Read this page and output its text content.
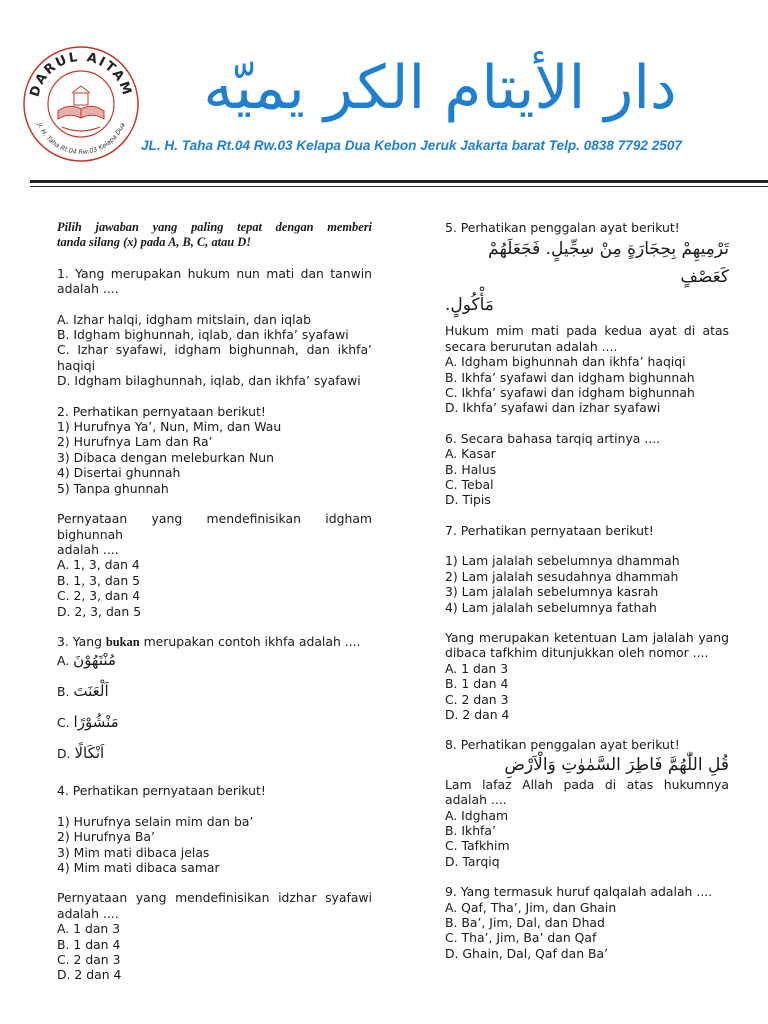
DARUL AITAM
Jl. H. Taha Rt.04 Rw.03 Kelapa Dua
دار الأيتام الكر يميّه
JL. H. Taha Rt.04 Rw.03 Kelapa Dua Kebon Jeruk Jakarta barat Telp. 0838 7792 2507
Pilih jawaban yang paling tepat dengan memberi
tanda silang (x) pada A, B, C, atau D!
1. Yang merupakan hukum nun mati dan tanwin
adalah ....
A. Izhar halqi, idgham mitslain, dan iqlab
B. Idgham bighunnah, iqlab, dan ikhfa’ syafawi
C. Izhar syafawi, idgham bighunnah, dan ikhfa’
haqiqi
D. Idgham bilaghunnah, iqlab, dan ikhfa’ syafawi
2. Perhatikan pernyataan berikut!
1) Hurufnya Ya’, Nun, Mim, dan Wau
2) Hurufnya Lam dan Ra’
3) Dibaca dengan meleburkan Nun
4) Disertai ghunnah
5) Tanpa ghunnah
Pernyataan yang mendefinisikan idgham bighunnah
adalah ....
A. 1, 3, dan 4
B. 1, 3, dan 5
C. 2, 3, dan 4
D. 2, 3, dan 5
3. Yang bukan merupakan contoh ikhfa adalah ....
A. مُنْتَهُوْنَ
B. اَلْعَنَتَ
C. مَنْشُوْرًا
D. اَنْكَالًا
4. Perhatikan pernyataan berikut!
1) Hurufnya selain mim dan ba’
2) Hurufnya Ba’
3) Mim mati dibaca jelas
4) Mim mati dibaca samar
Pernyataan yang mendefinisikan idzhar syafawi
adalah ....
A. 1 dan 3
B. 1 dan 4
C. 2 dan 3
D. 2 dan 4
5. Perhatikan penggalan ayat berikut!
تَرْمِيهِمْ بِحِجَارَةٍ مِنْ سِجِّيلٍ. فَجَعَلَهُمْ كَعَصْفٍ
مَأْكُولٍ.
Hukum mim mati pada kedua ayat di atas
secara berurutan adalah ....
A. Idgham bighunnah dan ikhfa’ haqiqi
B. Ikhfa’ syafawi dan idgham bighunnah
C. Ikhfa’ syafawi dan idgham bighunnah
D. Ikhfa’ syafawi dan izhar syafawi
6. Secara bahasa tarqiq artinya ....
A. Kasar
B. Halus
C. Tebal
D. Tipis
7. Perhatikan pernyataan berikut!
1) Lam jalalah sebelumnya dhammah
2) Lam jalalah sesudahnya dhammah
3) Lam jalalah sebelumnya kasrah
4) Lam jalalah sebelumnya fathah
Yang merupakan ketentuan Lam jalalah yang
dibaca tafkhim ditunjukkan oleh nomor ....
A. 1 dan 3
B. 1 dan 4
C. 2 dan 3
D. 2 dan 4
8. Perhatikan penggalan ayat berikut!
قُلِ اللّٰهُمَّ فَاطِرَ السَّمٰوٰتِ وَالْاَرْضِ
Lam lafaz Allah pada di atas hukumnya
adalah ....
A. Idgham
B. Ikhfa’
C. Tafkhim
D. Tarqiq
9. Yang termasuk huruf qalqalah adalah ....
A. Qaf, Tha’, Jim, dan Ghain
B. Ba’, Jim, Dal, dan Dhad
C. Tha’, Jim, Ba’ dan Qaf
D. Ghain, Dal, Qaf dan Ba’
